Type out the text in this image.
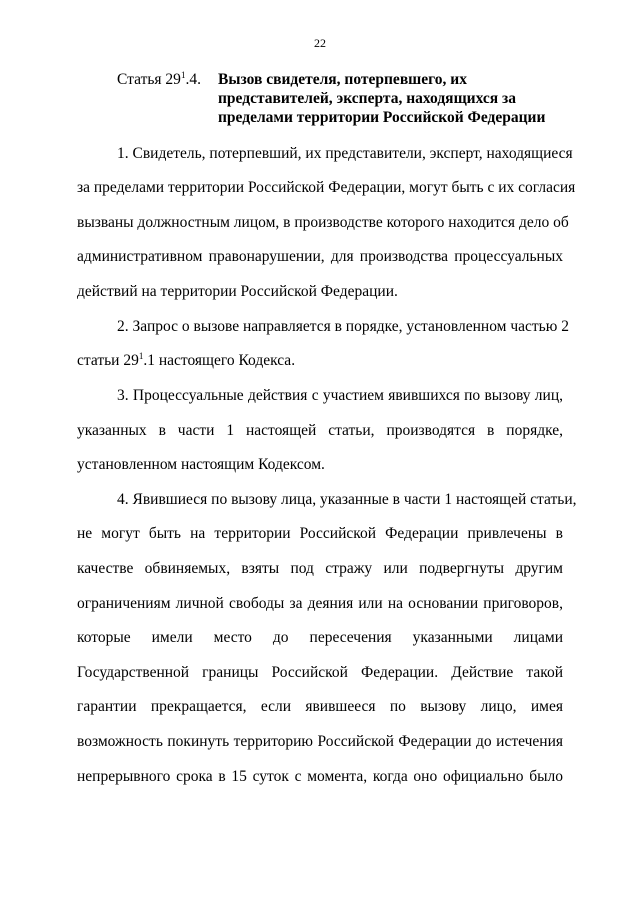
22
Статья $29^1.4$.	Вызов свидетеля, потерпевшего, их
представителей, эксперта, находящихся за
пределами территории Российской Федерации
1. Свидетель, потерпевший, их представители, эксперт, находящиеся
за пределами территории Российской Федерации, могут быть с их согласия
вызваны должностным лицом, в производстве которого находится дело об
административном правонарушении, для производства процессуальных
действий на территории Российской Федерации.
2. Запрос о вызове направляется в порядке, установленном частью 2
статьи $29^1.1$ настоящего Кодекса.
3. Процессуальные действия с участием явившихся по вызову лиц,
указанных в части 1 настоящей статьи, производятся в порядке,
установленном настоящим Кодексом.
4. Явившиеся по вызову лица, указанные в части 1 настоящей статьи,
не могут быть на территории Российской Федерации привлечены в
качестве обвиняемых, взяты под стражу или подвергнуты другим
ограничениям личной свободы за деяния или на основании приговоров,
которые имели место до пересечения указанными лицами
Государственной границы Российской Федерации. Действие такой
гарантии прекращается, если явившееся по вызову лицо, имея
возможность покинуть территорию Российской Федерации до истечения
непрерывного срока в 15 суток с момента, когда оно официально было
